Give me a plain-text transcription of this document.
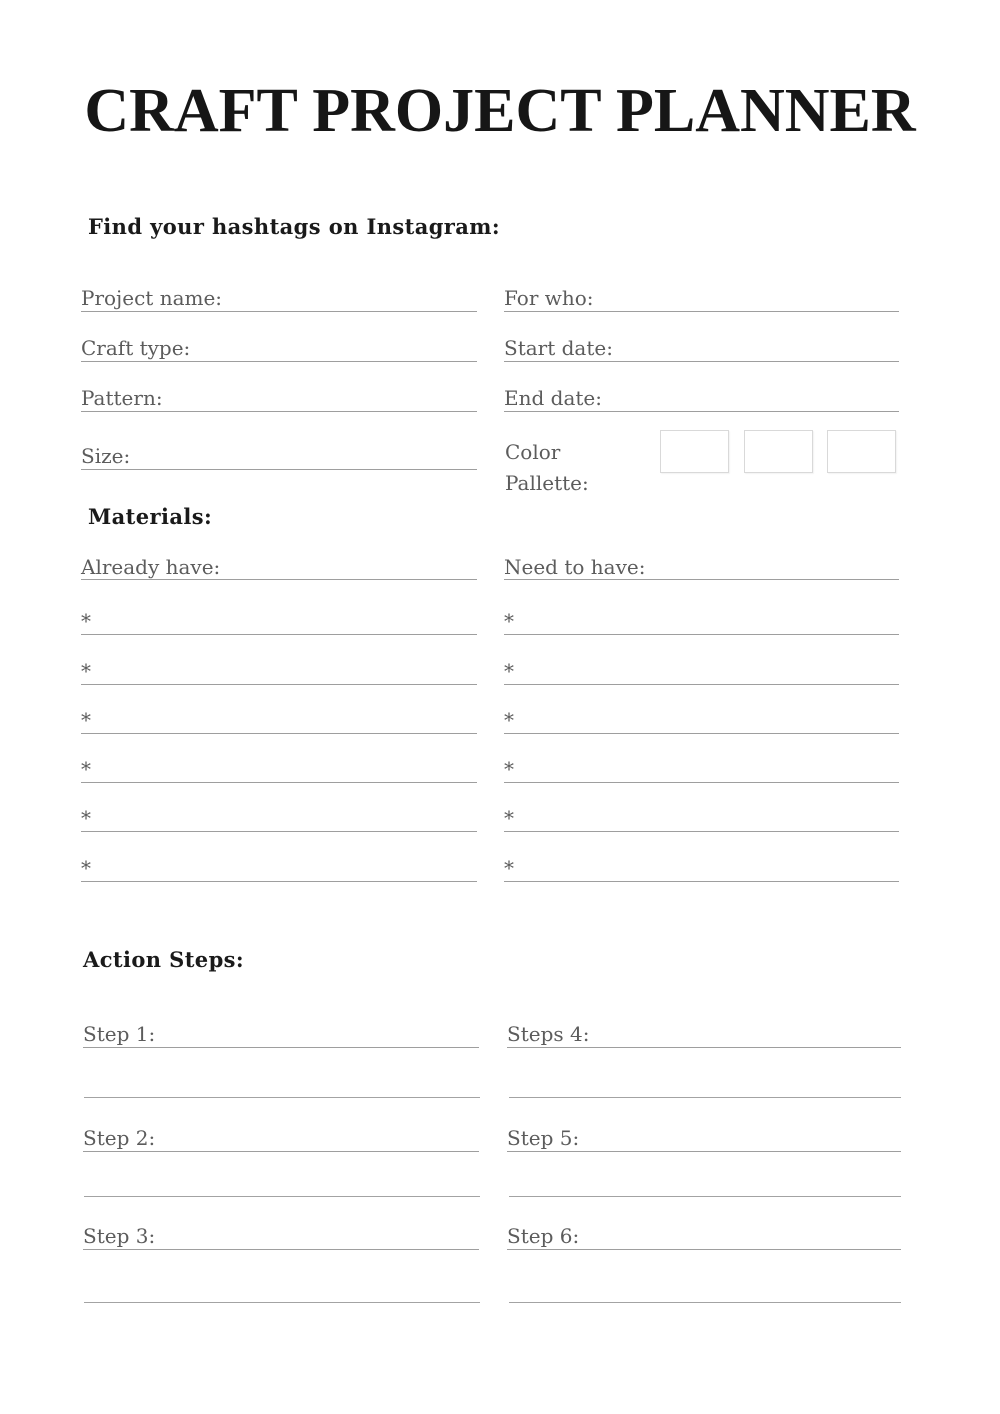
CRAFT PROJECT PLANNER
Find your hashtags on Instagram:
Project name:
Craft type:
Pattern:
Size:
For who:
Start date:
End date:
Color
Pallette:
Materials:
Already have:	Need to have:
*
*
*
*
*
*
*
*
*
*
*
*
Action Steps:
Step 1:
Step 2:
Step 3:
Steps 4:
Step 5:
Step 6:
